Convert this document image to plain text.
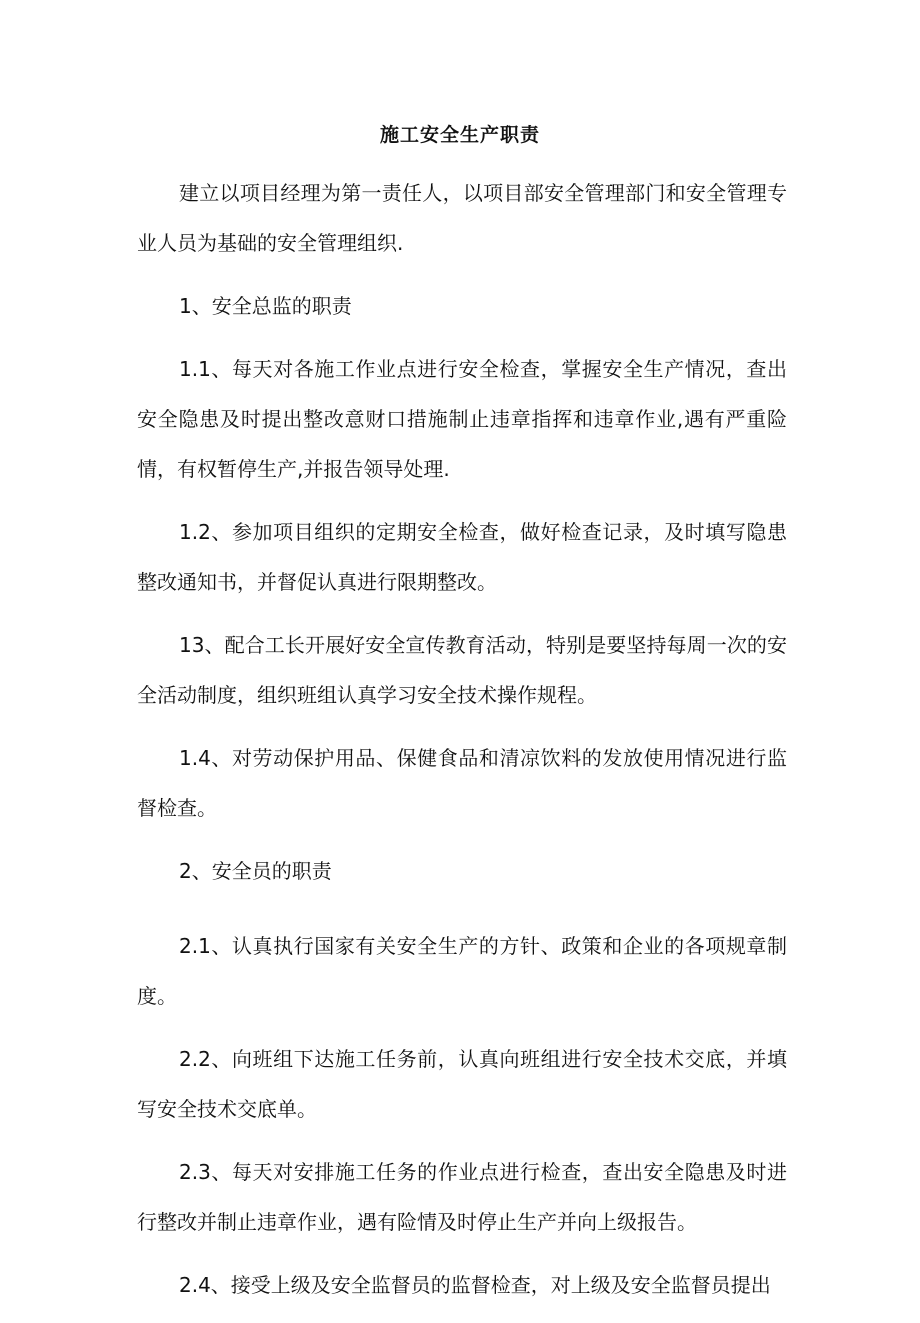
施工安全生产职责

建立以项目经理为第一责任人，以项目部安全管理部门和安全管理专业人员为基础的安全管理组织.

1、安全总监的职责

1.1、每天对各施工作业点进行安全检查，掌握安全生产情况，查出安全隐患及时提出整改意财口措施制止违章指挥和违章作业,遇有严重险情，有权暂停生产,并报告领导处理.

1.2、参加项目组织的定期安全检查，做好检查记录，及时填写隐患整改通知书，并督促认真进行限期整改。

13、配合工长开展好安全宣传教育活动，特别是要坚持每周一次的安全活动制度，组织班组认真学习安全技术操作规程。

1.4、对劳动保护用品、保健食品和清凉饮料的发放使用情况进行监督检查。

2、安全员的职责

2.1、认真执行国家有关安全生产的方针、政策和企业的各项规章制度。

2.2、向班组下达施工任务前，认真向班组进行安全技术交底，并填写安全技术交底单。

2.3、每天对安排施工任务的作业点进行检查，查出安全隐患及时进行整改并制止违章作业，遇有险情及时停止生产并向上级报告。

2.4、接受上级及安全监督员的监督检查，对上级及安全监督员提出
